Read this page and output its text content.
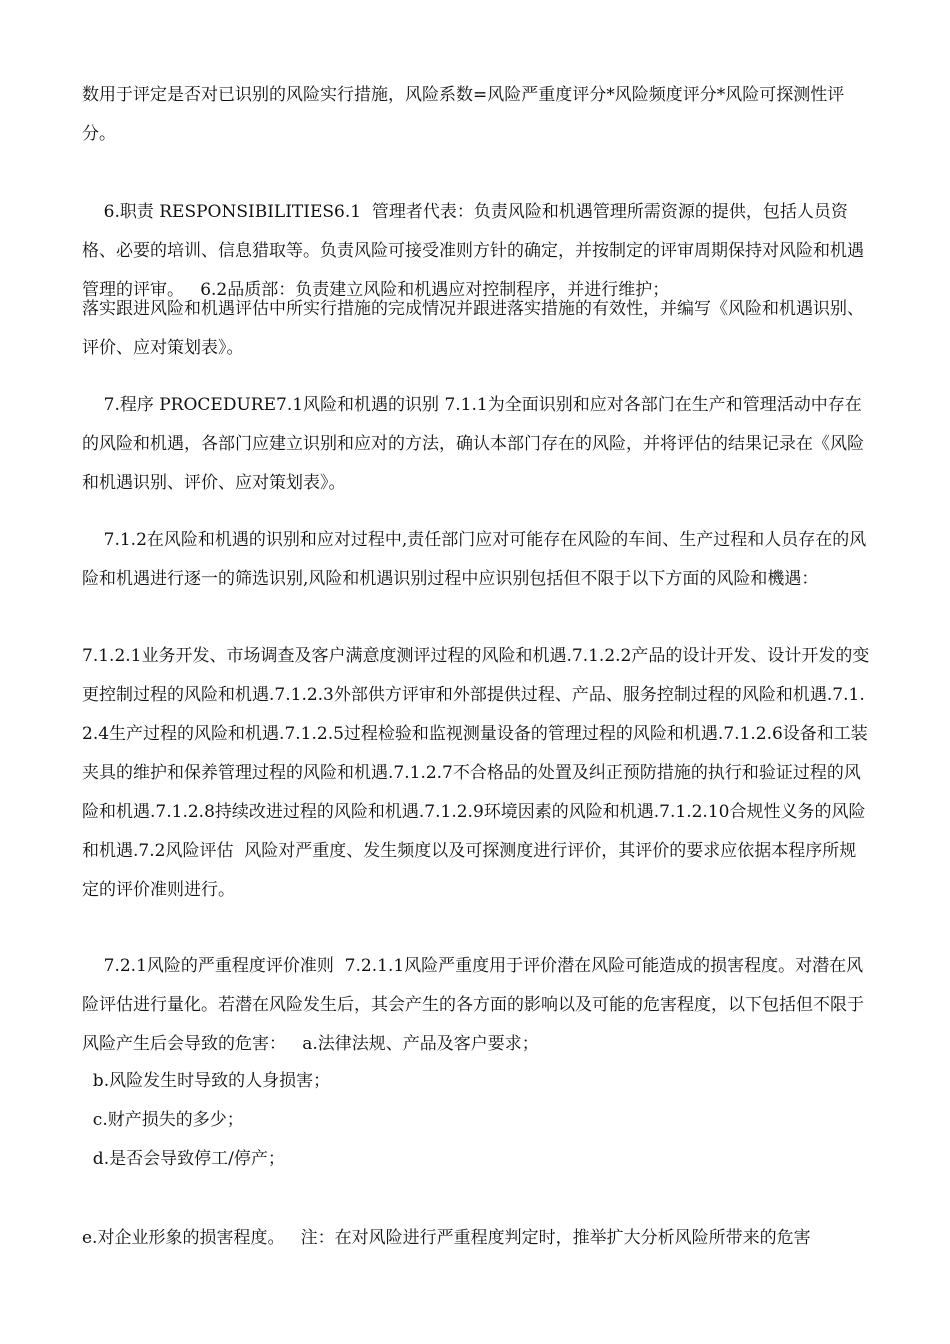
数用于评定是否对已识别的风险实行措施，风险系数=风险严重度评分*风险频度评分*风险可探测性评分。

6.职责 RESPONSIBILITIES6.1  管理者代表：负责风险和机遇管理所需资源的提供，包括人员资格、必要的培训、信息猎取等。负责风险可接受准则方针的确定，并按制定的评审周期保持对风险和机遇管理的评审。   6.2品质部：负责建立风险和机遇应对控制程序，并进行维护；

落实跟进风险和机遇评估中所实行措施的完成情况并跟进落实措施的有效性，并编写《风险和机遇识别、评价、应对策划表》。

7.程序 PROCEDURE7.1风险和机遇的识别 7.1.1为全面识别和应对各部门在生产和管理活动中存在的风险和机遇，各部门应建立识别和应对的方法，确认本部门存在的风险，并将评估的结果记录在《风险和机遇识别、评价、应对策划表》。

7.1.2在风险和机遇的识别和应对过程中,责任部门应对可能存在风险的车间、生产过程和人员存在的风险和机遇进行逐一的筛选识别,风险和机遇识别过程中应识别包括但不限于以下方面的风险和機遇：

7.1.2.1业务开发、市场调查及客户满意度测评过程的风险和机遇.7.1.2.2产品的设计开发、设计开发的变更控制过程的风险和机遇.7.1.2.3外部供方评审和外部提供过程、产品、服务控制过程的风险和机遇.7.1.2.4生产过程的风险和机遇.7.1.2.5过程检验和监视测量设备的管理过程的风险和机遇.7.1.2.6设备和工装夹具的维护和保养管理过程的风险和机遇.7.1.2.7不合格品的处置及纠正预防措施的执行和验证过程的风险和机遇.7.1.2.8持续改进过程的风险和机遇.7.1.2.9环境因素的风险和机遇.7.1.2.10合规性义务的风险和机遇.7.2风险评估  风险对严重度、发生频度以及可探测度进行评价，其评价的要求应依据本程序所规定的评价准则进行。

7.2.1风险的严重程度评价准则  7.2.1.1风险严重度用于评价潜在风险可能造成的损害程度。对潜在风险评估进行量化。若潜在风险发生后，其会产生的各方面的影响以及可能的危害程度，以下包括但不限于风险产生后会导致的危害：   a.法律法规、产品及客户要求；

b.风险发生时导致的人身损害；

c.财产损失的多少；

d.是否会导致停工/停产；

e.对企业形象的损害程度。   注：在对风险进行严重程度判定时，推举扩大分析风险所带来的危害
